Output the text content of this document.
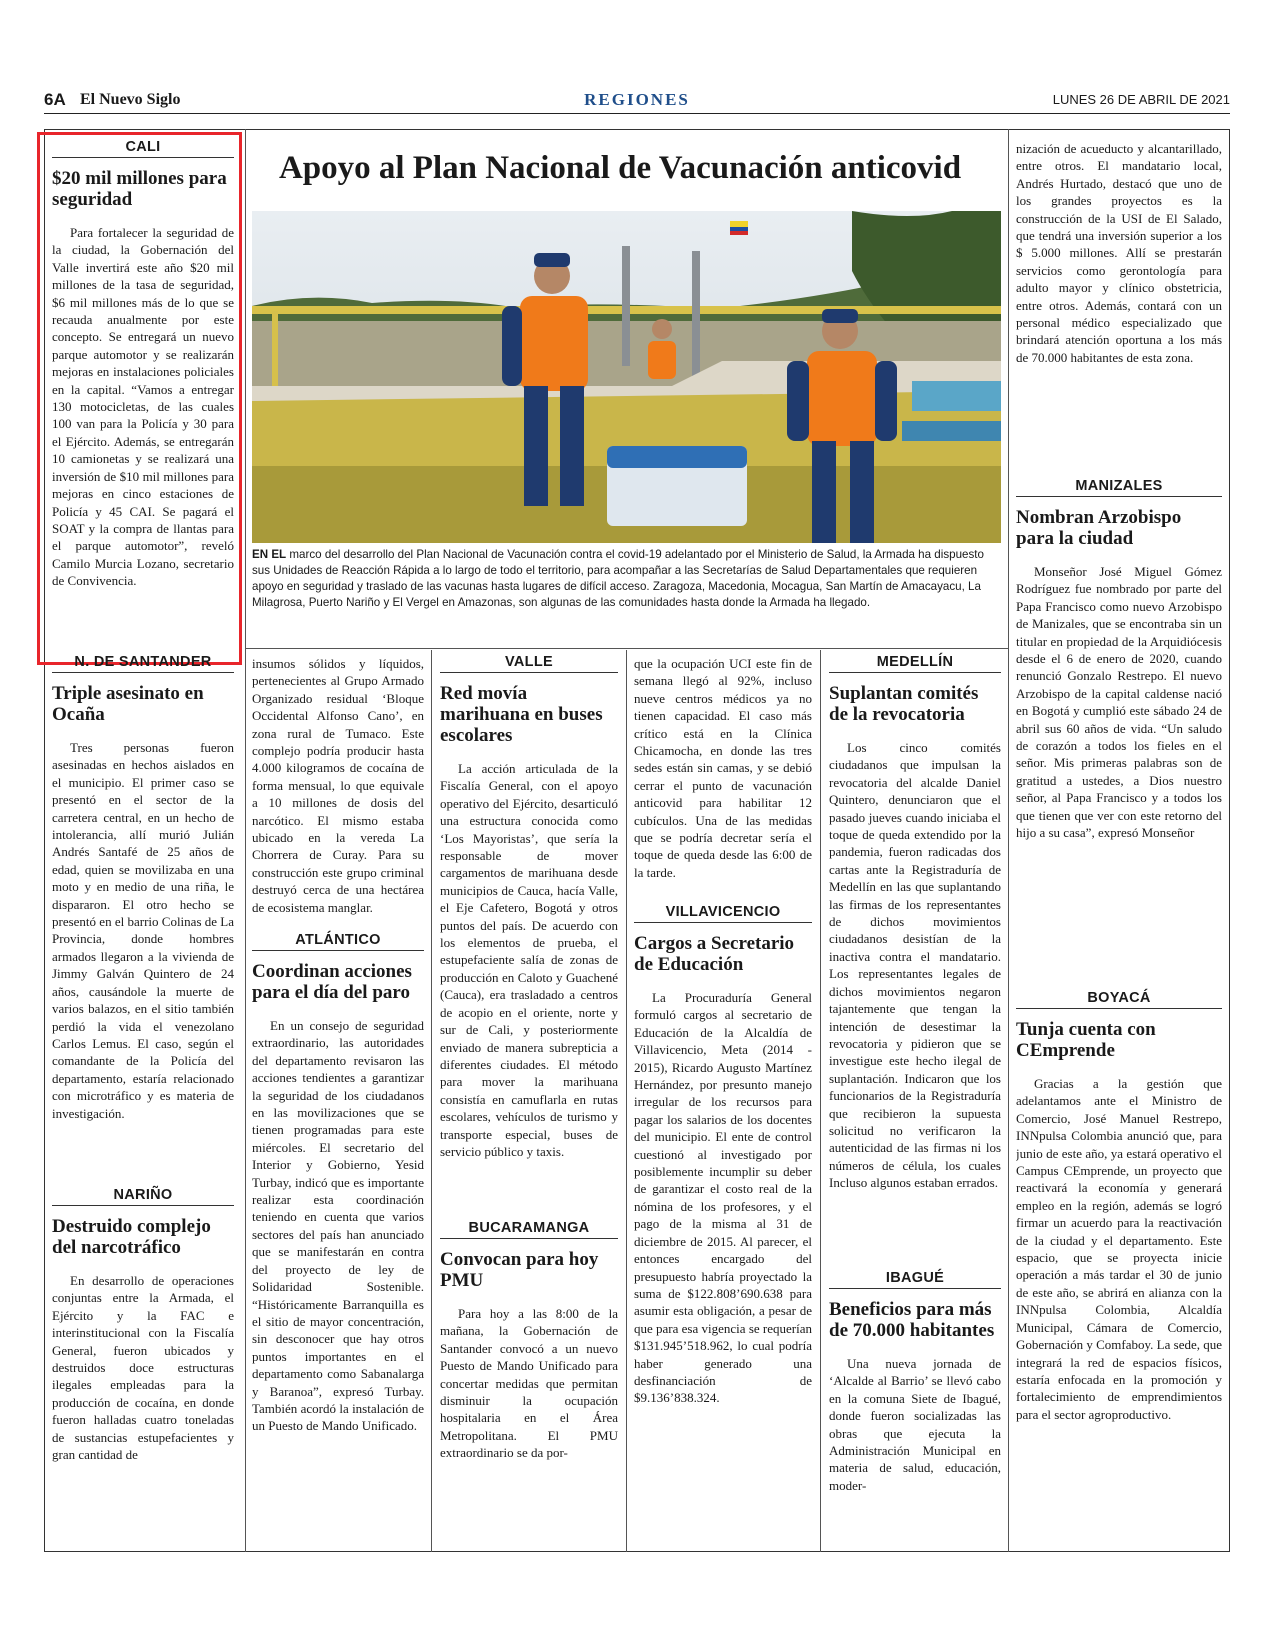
6A El Nuevo Siglo	REGIONES	LUNES 26 DE ABRIL DE 2021
Apoyo al Plan Nacional de Vacunación anticovid

EN EL marco del desarrollo del Plan Nacional de Vacunación contra el covid-19 adelantado por el Ministerio de Salud, la Armada ha dispuesto sus Unidades de Reacción Rápida a lo largo de todo el territorio, para acompañar a las Secretarías de Salud Departamentales que requieren apoyo en seguridad y traslado de las vacunas hasta lugares de difícil acceso. Zaragoza, Macedonia, Mocagua, San Martín de Amacayacu, La Milagrosa, Puerto Nariño y El Vergel en Amazonas, son algunas de las comunidades hasta donde la Armada ha llegado.

CALI
$20 mil millones para seguridad

Para fortalecer la seguridad de la ciudad, la Gobernación del Valle invertirá este año $20 mil millones de la tasa de seguridad, $6 mil millones más de lo que se recauda anualmente por este concepto. Se entregará un nuevo parque automotor y se realizarán mejoras en instalaciones policiales en la capital. “Vamos a entregar 130 motocicletas, de las cuales 100 van para la Policía y 30 para el Ejército. Además, se entregarán 10 camionetas y se realizará una inversión de $10 mil millones para mejoras en cinco estaciones de Policía y 45 CAI. Se pagará el SOAT y la compra de llantas para el parque automotor”, reveló Camilo Murcia Lozano, secretario de Convivencia.

N. DE SANTANDER
Triple asesinato en Ocaña

Tres personas fueron asesinadas en hechos aislados en el municipio. El primer caso se presentó en el sector de la carretera central, en un hecho de intolerancia, allí murió Julián Andrés Santafé de 25 años de edad, quien se movilizaba en una moto y en medio de una riña, le dispararon. El otro hecho se presentó en el barrio Colinas de La Provincia, donde hombres armados llegaron a la vivienda de Jimmy Galván Quintero de 24 años, causándole la muerte de varios balazos, en el sitio también perdió la vida el venezolano Carlos Lemus. El caso, según el comandante de la Policía del departamento, estaría relacionado con microtráfico y es materia de investigación.

NARIÑO
Destruido complejo del narcotráfico

En desarrollo de operaciones conjuntas entre la Armada, el Ejército y la FAC e interinstitucional con la Fiscalía General, fueron ubicados y destruidos doce estructuras ilegales empleadas para la producción de cocaína, en donde fueron halladas cuatro toneladas de sustancias estupefacientes y gran cantidad de

insumos sólidos y líquidos, pertenecientes al Grupo Armado Organizado residual ‘Bloque Occidental Alfonso Cano’, en zona rural de Tumaco. Este complejo podría producir hasta 4.000 kilogramos de cocaína de forma mensual, lo que equivale a 10 millones de dosis del narcótico. El mismo estaba ubicado en la vereda La Chorrera de Curay. Para su construcción este grupo criminal destruyó cerca de una hectárea de ecosistema manglar.

ATLÁNTICO
Coordinan acciones para el día del paro

En un consejo de seguridad extraordinario, las autoridades del departamento revisaron las acciones tendientes a garantizar la seguridad de los ciudadanos en las movilizaciones que se tienen programadas para este miércoles. El secretario del Interior y Gobierno, Yesid Turbay, indicó que es importante realizar esta coordinación teniendo en cuenta que varios sectores del país han anunciado que se manifestarán en contra del proyecto de ley de Solidaridad Sostenible. “Históricamente Barranquilla es el sitio de mayor concentración, sin desconocer que hay otros puntos importantes en el departamento como Sabanalarga y Baranoa”, expresó Turbay. También acordó la instalación de un Puesto de Mando Unificado.

VALLE
Red movía marihuana en buses escolares

La acción articulada de la Fiscalía General, con el apoyo operativo del Ejército, desarticuló una estructura conocida como ‘Los Mayoristas’, que sería la responsable de mover cargamentos de marihuana desde municipios de Cauca, hacía Valle, el Eje Cafetero, Bogotá y otros puntos del país. De acuerdo con los elementos de prueba, el estupefaciente salía de zonas de producción en Caloto y Guachené (Cauca), era trasladado a centros de acopio en el oriente, norte y sur de Cali, y posteriormente enviado de manera subrepticia a diferentes ciudades. El método para mover la marihuana consistía en camuflarla en rutas escolares, vehículos de turismo y transporte especial, buses de servicio público y taxis.

BUCARAMANGA
Convocan para hoy PMU

Para hoy a las 8:00 de la mañana, la Gobernación de Santander convocó a un nuevo Puesto de Mando Unificado para concertar medidas que permitan disminuir la ocupación hospitalaria en el Área Metropolitana. El PMU extraordinario se da por-

que la ocupación UCI este fin de semana llegó al 92%, incluso nueve centros médicos ya no tienen capacidad. El caso más crítico está en la Clínica Chicamocha, en donde las tres sedes están sin camas, y se debió cerrar el punto de vacunación anticovid para habilitar 12 cubículos. Una de las medidas que se podría decretar sería el toque de queda desde las 6:00 de la tarde.

VILLAVICENCIO
Cargos a Secretario de Educación

La Procuraduría General formuló cargos al secretario de Educación de la Alcaldía de Villavicencio, Meta (2014 - 2015), Ricardo Augusto Martínez Hernández, por presunto manejo irregular de los recursos para pagar los salarios de los docentes del municipio. El ente de control cuestionó al investigado por posiblemente incumplir su deber de garantizar el costo real de la nómina de los profesores, y el pago de la misma al 31 de diciembre de 2015. Al parecer, el entonces encargado del presupuesto habría proyectado la suma de $122.808’690.638 para asumir esta obligación, a pesar de que para esa vigencia se requerían $131.945’518.962, lo cual podría haber generado una desfinanciación de $9.136’838.324.

MEDELLÍN
Suplantan comités de la revocatoria

Los cinco comités ciudadanos que impulsan la revocatoria del alcalde Daniel Quintero, denunciaron que el pasado jueves cuando iniciaba el toque de queda extendido por la pandemia, fueron radicadas dos cartas ante la Registraduría de Medellín en las que suplantando las firmas de los representantes de dichos movimientos ciudadanos desistían de la inactiva contra el mandatario. Los representantes legales de dichos movimientos negaron tajantemente que tengan la intención de desestimar la revocatoria y pidieron que se investigue este hecho ilegal de suplantación. Indicaron que los funcionarios de la Registraduría que recibieron la supuesta solicitud no verificaron la autenticidad de las firmas ni los números de célula, los cuales Incluso algunos estaban errados.

IBAGUÉ
Beneficios para más de 70.000 habitantes

Una nueva jornada de ‘Alcalde al Barrio’ se llevó cabo en la comuna Siete de Ibagué, donde fueron socializadas las obras que ejecuta la Administración Municipal en materia de salud, educación, moder-

nización de acueducto y alcantarillado, entre otros. El mandatario local, Andrés Hurtado, destacó que uno de los grandes proyectos es la construcción de la USI de El Salado, que tendrá una inversión superior a los $ 5.000 millones. Allí se prestarán servicios como gerontología para adulto mayor y clínico obstetricia, entre otros. Además, contará con un personal médico especializado que brindará atención oportuna a los más de 70.000 habitantes de esta zona.

MANIZALES
Nombran Arzobispo para la ciudad

Monseñor José Miguel Gómez Rodríguez fue nombrado por parte del Papa Francisco como nuevo Arzobispo de Manizales, que se encontraba sin un titular en propiedad de la Arquidiócesis desde el 6 de enero de 2020, cuando renunció Gonzalo Restrepo. El nuevo Arzobispo de la capital caldense nació en Bogotá y cumplió este sábado 24 de abril sus 60 años de vida. “Un saludo de corazón a todos los fieles en el señor. Mis primeras palabras son de gratitud a ustedes, a Dios nuestro señor, al Papa Francisco y a todos los que tienen que ver con este retorno del hijo a su casa”, expresó Monseñor

BOYACÁ
Tunja cuenta con CEmprende

Gracias a la gestión que adelantamos ante el Ministro de Comercio, José Manuel Restrepo, INNpulsa Colombia anunció que, para junio de este año, ya estará operativo el Campus CEmprende, un proyecto que reactivará la economía y generará empleo en la región, además se logró firmar un acuerdo para la reactivación de la ciudad y el departamento. Este espacio, que se proyecta inicie operación a más tardar el 30 de junio de este año, se abrirá en alianza con la INNpulsa Colombia, Alcaldía Municipal, Cámara de Comercio, Gobernación y Comfaboy. La sede, que integrará la red de espacios físicos, estaría enfocada en la promoción y fortalecimiento de emprendimientos para el sector agroproductivo.
